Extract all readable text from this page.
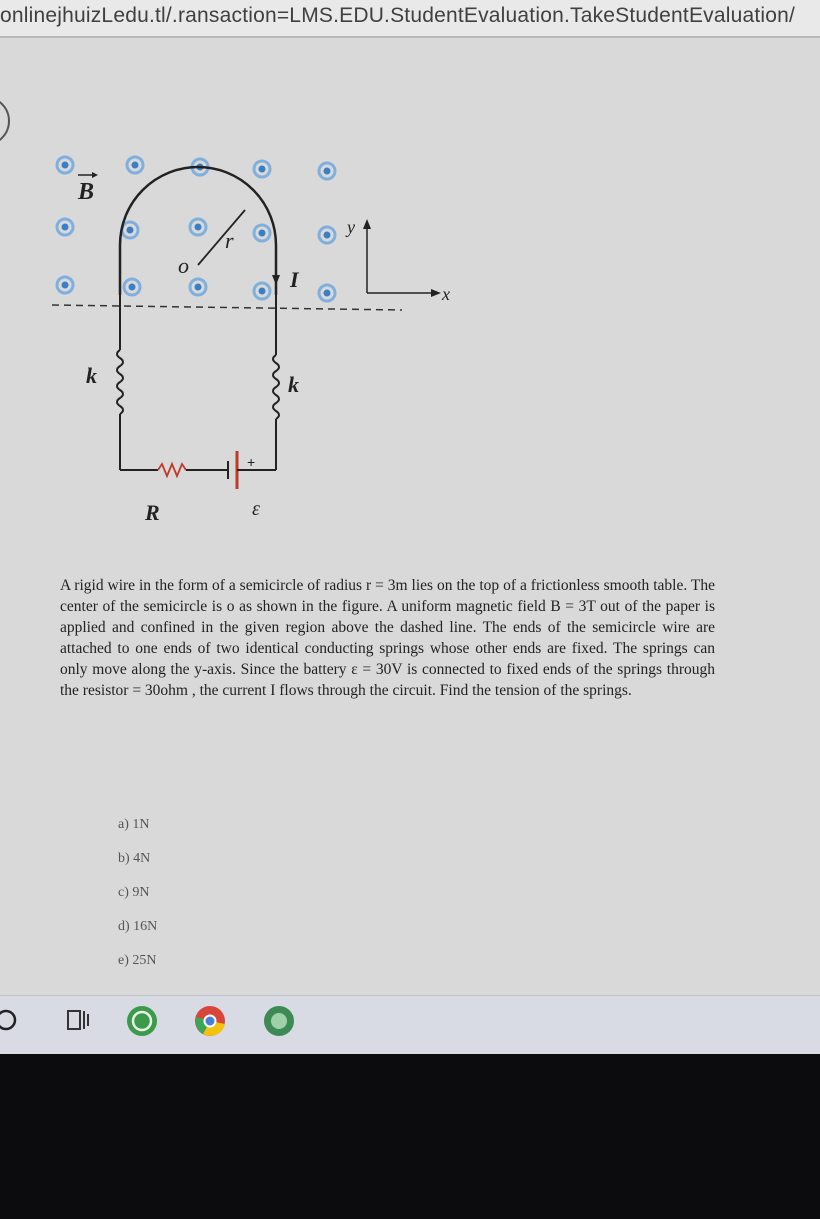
onlinejhuizLedu.tl/.ransaction=LMS.EDU.StudentEvaluation.TakeStudentEvaluation/
B
r
o
I
y
x
k	k
+
R	ε
A rigid wire in the form of a semicircle of radius r = 3m lies on the top of a frictionless smooth table. The center of the semicircle is o as shown in the figure. A uniform magnetic field B = 3T out of the paper is applied and confined in the given region above the dashed line. The ends of the semicircle wire are attached to one ends of two identical conducting springs whose other ends are fixed. The springs can only move along the y-axis. Since the battery ε = 30V is connected to fixed ends of the springs through the resistor = 30ohm , the current I flows through the circuit. Find the tension of the springs.
a) 1N
b) 4N
c) 9N
d) 16N
e) 25N
